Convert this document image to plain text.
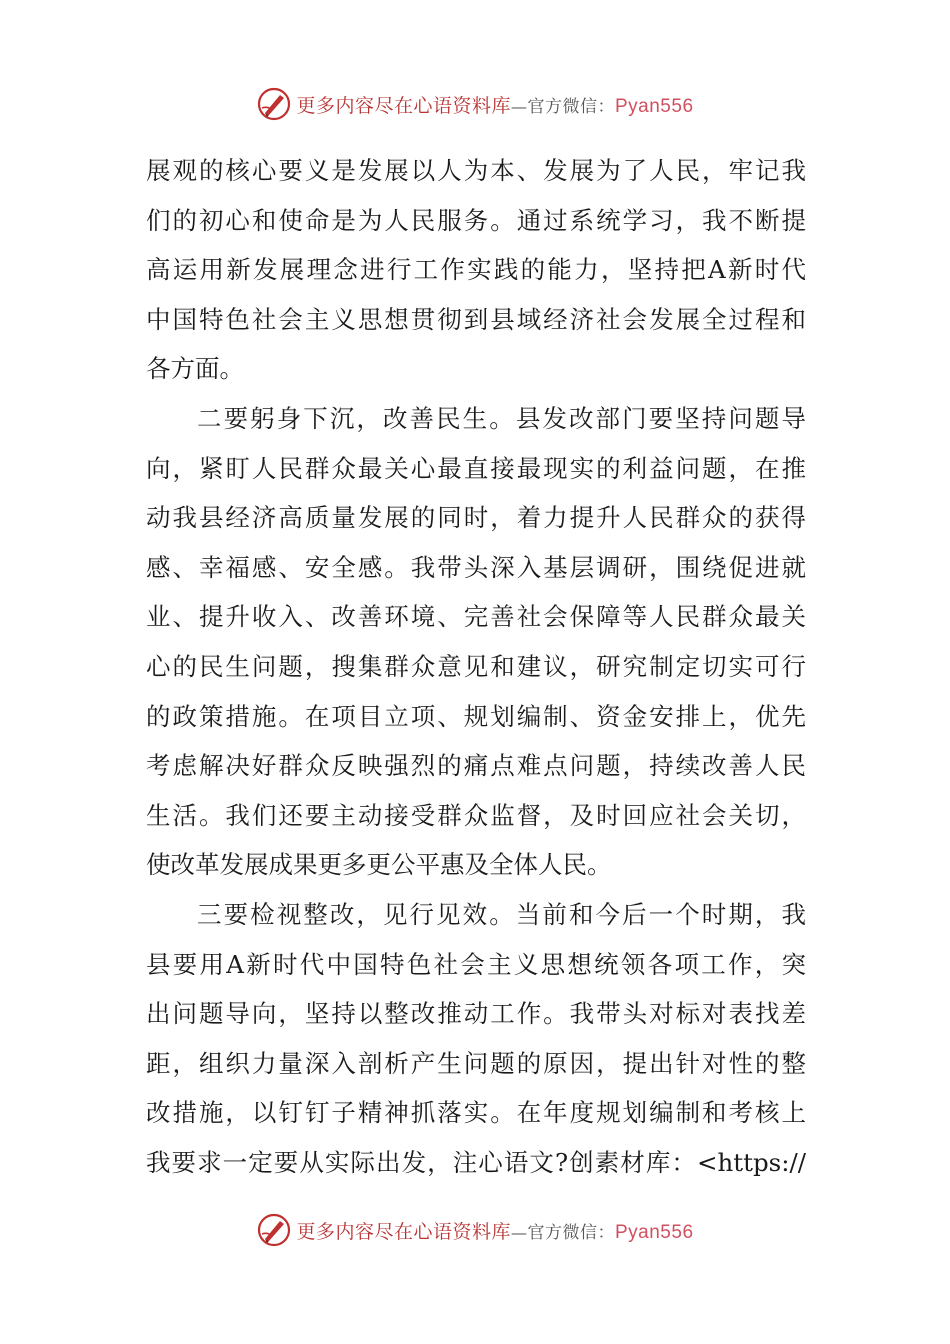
更多内容尽在心语资料库—官方微信：Pyan556
展观的核心要义是发展以人为本、发展为了人民，牢记我
们的初心和使命是为人民服务。通过系统学习，我不断提
高运用新发展理念进行工作实践的能力，坚持把A新时代
中国特色社会主义思想贯彻到县域经济社会发展全过程和
各方面。
二要躬身下沉，改善民生。县发改部门要坚持问题导
向，紧盯人民群众最关心最直接最现实的利益问题，在推
动我县经济高质量发展的同时，着力提升人民群众的获得
感、幸福感、安全感。我带头深入基层调研，围绕促进就
业、提升收入、改善环境、完善社会保障等人民群众最关
心的民生问题，搜集群众意见和建议，研究制定切实可行
的政策措施。在项目立项、规划编制、资金安排上，优先
考虑解决好群众反映强烈的痛点难点问题，持续改善人民
生活。我们还要主动接受群众监督，及时回应社会关切，
使改革发展成果更多更公平惠及全体人民。
三要检视整改，见行见效。当前和今后一个时期，我
县要用A新时代中国特色社会主义思想统领各项工作，突
出问题导向，坚持以整改推动工作。我带头对标对表找差
距，组织力量深入剖析产生问题的原因，提出针对性的整
改措施，以钉钉子精神抓落实。在年度规划编制和考核上
我要求一定要从实际出发，注心语文?创素材库：<https://
更多内容尽在心语资料库—官方微信：Pyan556
